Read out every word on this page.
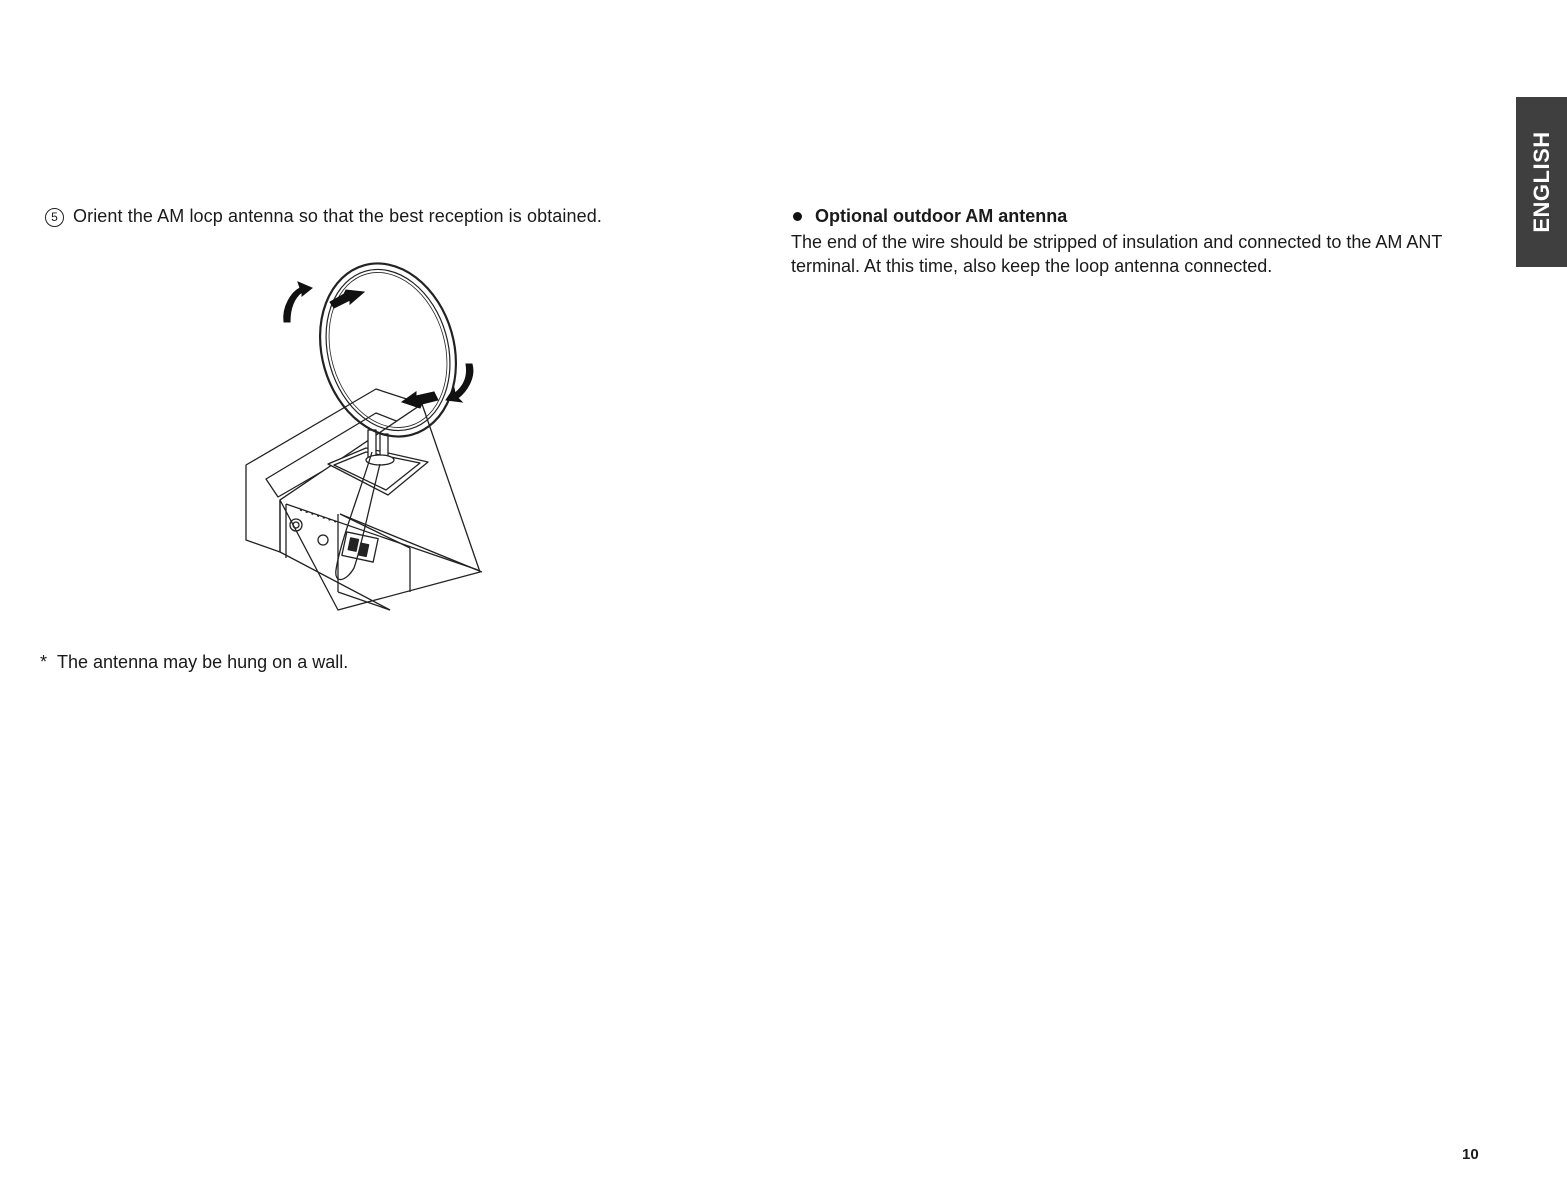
5 Orient the AM locp antenna so that the best reception is obtained.
* The antenna may be hung on a wall.
Optional outdoor AM antenna
The end of the wire should be stripped of insulation and connected to the AM ANT terminal. At this time, also keep the loop antenna connected.
ENGLISH
10
